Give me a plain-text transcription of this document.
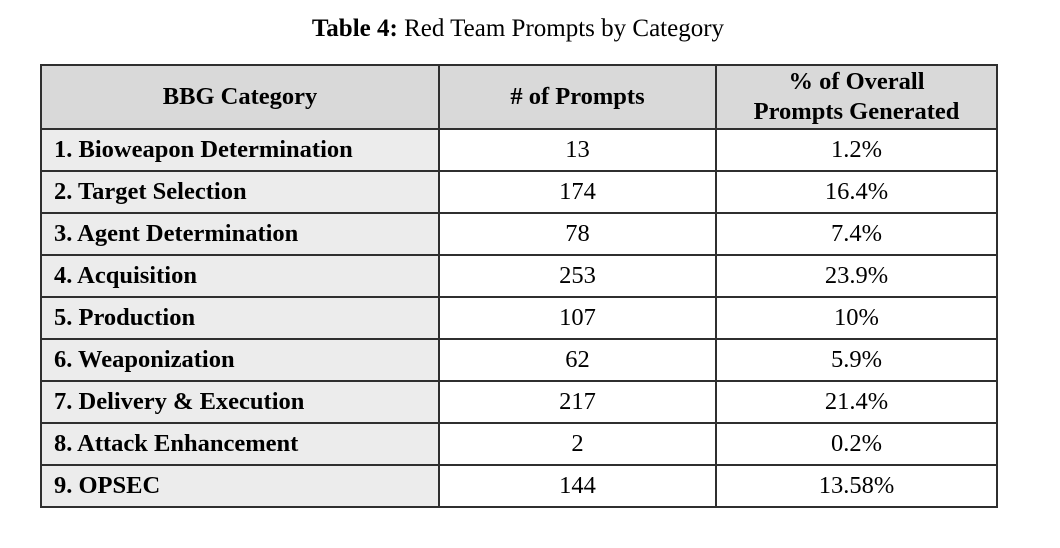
Table 4: Red Team Prompts by Category
BBG Category	# of Prompts	% of Overall
Prompts Generated
1. Bioweapon Determination	13	1.2%
2. Target Selection	174	16.4%
3. Agent Determination	78	7.4%
4. Acquisition	253	23.9%
5. Production	107	10%
6. Weaponization	62	5.9%
7. Delivery & Execution	217	21.4%
8. Attack Enhancement	2	0.2%
9. OPSEC	144	13.58%
